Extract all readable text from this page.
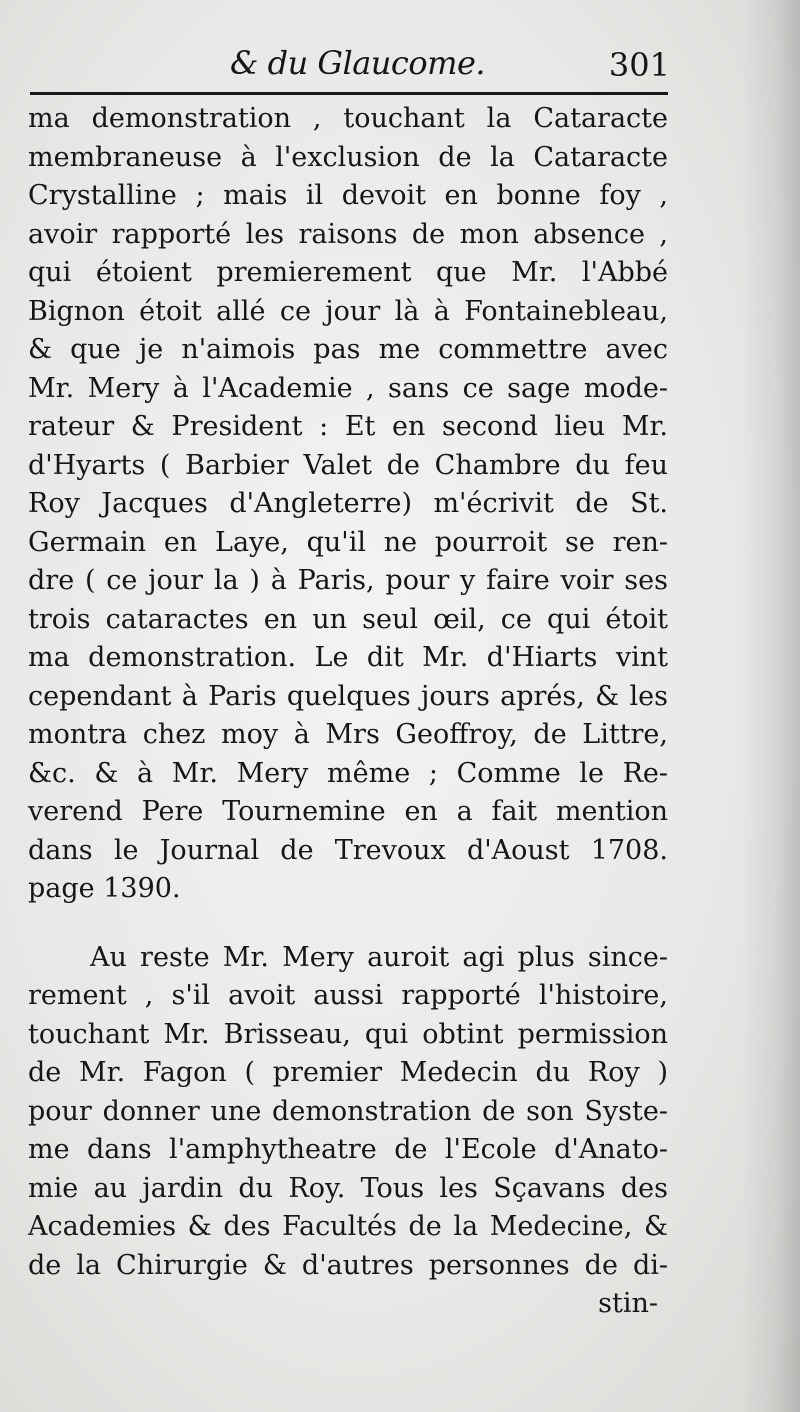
& du Glaucome.	301
ma demonstration , touchant la Cataracte
membraneuse à l'exclusion de la Cataracte
Crystalline ; mais il devoit en bonne foy ,
avoir rapporté les raisons de mon absence ,
qui étoient premierement que Mr. l'Abbé
Bignon étoit allé ce jour là à Fontainebleau,
& que je n'aimois pas me commettre avec
Mr. Mery à l'Academie , sans ce sage mode-
rateur & President : Et en second lieu Mr.
d'Hyarts ( Barbier Valet de Chambre du feu
Roy Jacques d'Angleterre) m'écrivit de St.
Germain en Laye, qu'il ne pourroit se ren-
dre ( ce jour la ) à Paris, pour y faire voir ses
trois cataractes en un seul œil, ce qui étoit
ma demonstration. Le dit Mr. d'Hiarts vint
cependant à Paris quelques jours aprés, & les
montra chez moy à Mrs Geoffroy, de Littre,
&c. & à Mr. Mery même ; Comme le Re-
verend Pere Tournemine en a fait mention
dans le Journal de Trevoux d'Aoust 1708.
page 1390.
Au reste Mr. Mery auroit agi plus since-
rement , s'il avoit aussi rapporté l'histoire,
touchant Mr. Brisseau, qui obtint permission
de Mr. Fagon ( premier Medecin du Roy )
pour donner une demonstration de son Syste-
me dans l'amphytheatre de l'Ecole d'Anato-
mie au jardin du Roy. Tous les Sçavans des
Academies & des Facultés de la Medecine, &
de la Chirurgie & d'autres personnes de di-
stin-
